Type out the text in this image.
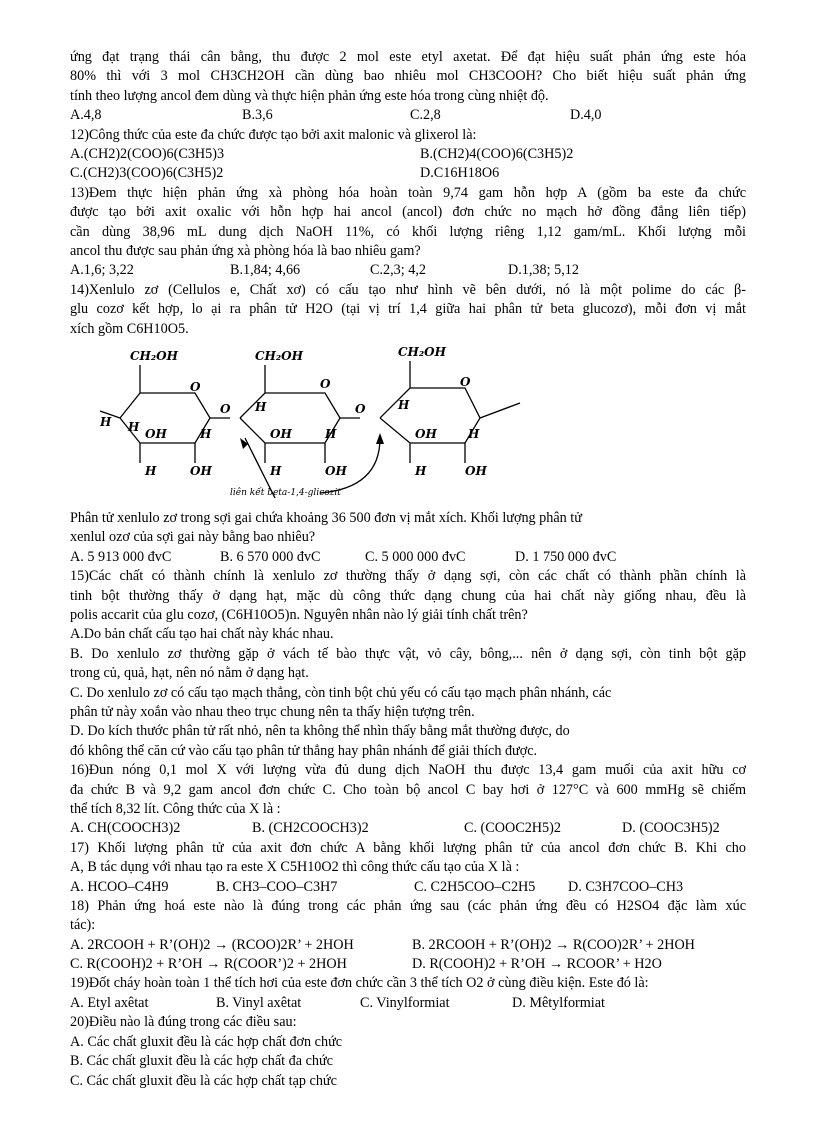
ứng đạt trạng thái cân bằng, thu được 2 mol este etyl axetat. Để đạt hiệu suất phản ứng este hóa
80% thì với 3 mol CH3CH2OH cần dùng bao nhiêu mol CH3COOH? Cho biết hiệu suất phản ứng
tính theo lượng ancol đem dùng và thực hiện phản ứng este hóa trong cùng nhiệt độ.
A.4,8	B.3,6	C.2,8	D.4,0
12)Công thức của este đa chức được tạo bởi axit malonic và glixerol là:
A.(CH2)2(COO)6(C3H5)3	B.(CH2)4(COO)6(C3H5)2
C.(CH2)3(COO)6(C3H5)2	D.C16H18O6
13)Đem thực hiện phản ứng xà phòng hóa hoàn toàn 9,74 gam hỗn hợp A (gồm ba este đa chức
được tạo bởi axit oxalic với hỗn hợp hai ancol (ancol) đơn chức no mạch hở đồng đẳng liên tiếp)
cần dùng 38,96 mL dung dịch NaOH 11%, có khối lượng riêng 1,12 gam/mL. Khối lượng mỗi
ancol thu được sau phản ứng xà phòng hóa là bao nhiêu gam?
A.1,6; 3,22	B.1,84; 4,66	C.2,3; 4,2	D.1,38; 5,12
14)Xenlulo zơ (Cellulos e, Chất xơ) có cấu tạo như hình vẽ bên dưới, nó là một polime do các β-
glu cozơ kết hợp, lo ại ra phân tử H2O (tại vị trí 1,4 giữa hai phân tử beta glucozơ), mỗi đơn vị mắt
xích gồm C6H10O5.
CH₂OH
O
H H OH
H	OH
H
CH₂OH
O
O
H
OH	H
H	OH
CH₂OH
O
O
H
OH	H
H	OH
liên kết beta-1,4-glicozit
Phân tử xenlulo zơ trong sợi gai chứa khoảng 36 500 đơn vị mắt xích. Khối lượng phân tử
xenlul ozơ của sợi gai này bằng bao nhiêu?
A. 5 913 000 đvC	B. 6 570 000 đvC	C. 5 000 000 đvC	D. 1 750 000 đvC
15)Các chất có thành chính là xenlulo zơ thường thấy ở dạng sợi, còn các chất có thành phần chính là
tinh bột thường thấy ở dạng hạt, mặc dù công thức dạng chung của hai chất này giống nhau, đều là
polis accarit của glu cozơ, (C6H10O5)n. Nguyên nhân nào lý giải tính chất trên?
A.Do bản chất cấu tạo hai chất này khác nhau.
B. Do xenlulo zơ thường gặp ở vách tế bào thực vật, vỏ cây, bông,... nên ở dạng sợi, còn tinh bột gặp
trong củ, quả, hạt, nên nó nằm ở dạng hạt.
C. Do xenlulo zơ có cấu tạo mạch thẳng, còn tinh bột chủ yếu có cấu tạo mạch phân nhánh, các
phân tử này xoắn vào nhau theo trục chung nên ta thấy hiện tượng trên.
D. Do kích thước phân tử rất nhỏ, nên ta không thể nhìn thấy bằng mắt thường được, do
đó không thể căn cứ vào cấu tạo phân tử thẳng hay phân nhánh để giải thích được.
16)Đun nóng 0,1 mol X với lượng vừa đủ dung dịch NaOH thu được 13,4 gam muối của axit hữu cơ
đa chức B và 9,2 gam ancol đơn chức C. Cho toàn bộ ancol C bay hơi ở 127°C và 600 mmHg sẽ chiếm
thể tích 8,32 lít. Công thức của X là :
A. CH(COOCH3)2	B. (CH2COOCH3)2	C. (COOC2H5)2	D. (COOC3H5)2
17) Khối lượng phân tử của axit đơn chức A bằng khối lượng phân tử của ancol đơn chức B. Khi cho
A, B tác dụng với nhau tạo ra este X C5H10O2 thì công thức cấu tạo của X là :
A. HCOO–C4H9	B. CH3–COO–C3H7	C. C2H5COO–C2H5 D. C3H7COO–CH3
18) Phản ứng hoá este nào là đúng trong các phản ứng sau (các phản ứng đều có H2SO4 đặc làm xúc
tác):
A. 2RCOOH + R’(OH)2 → (RCOO)2R’ + 2HOH	B. 2RCOOH + R’(OH)2 → R(COO)2R’ + 2HOH
C. R(COOH)2 + R’OH → R(COOR’)2 + 2HOH	D. R(COOH)2 + R’OH → RCOOR’ + H2O
19)Đốt cháy hoàn toàn 1 thể tích hơi của este đơn chức cần 3 thể tích O2 ở cùng điều kiện. Este đó là:
A. Etyl axêtat	B. Vinyl axêtat	C. Vinylformiat	D. Mêtylformiat
20)Điều nào là đúng trong các điều sau:
A. Các chất gluxit đều là các hợp chất đơn chức
B. Các chất gluxit đều là các hợp chất đa chức
C. Các chất gluxit đều là các hợp chất tạp chức
